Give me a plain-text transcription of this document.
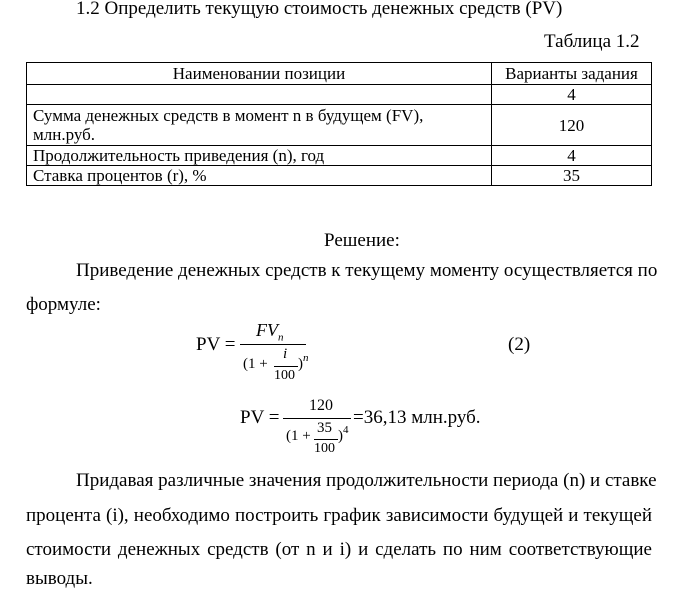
1.2 Определить текущую стоимость денежных средств (PV)
Таблица 1.2
Наименовании позиции	Варианты задания
	4
Сумма денежных средств в момент n в будущем (FV), млн.руб.	120
Продолжительность приведения (n), год	4
Ставка процентов (r), %	35
Решение:
Приведение денежных средств к текущему моменту осуществляется по
формуле:
PV =
$FV_n$
(1 +
i
100
) n
(2)
PV =
120
(1 + 35
100
) 4
=36,13 млн.руб.
Придавая различные значения продолжительности периода (n) и ставке
процента (i), необходимо построить график зависимости будущей и текущей
стоимости денежных средств (от n и i) и сделать по ним соответствующие
выводы.
